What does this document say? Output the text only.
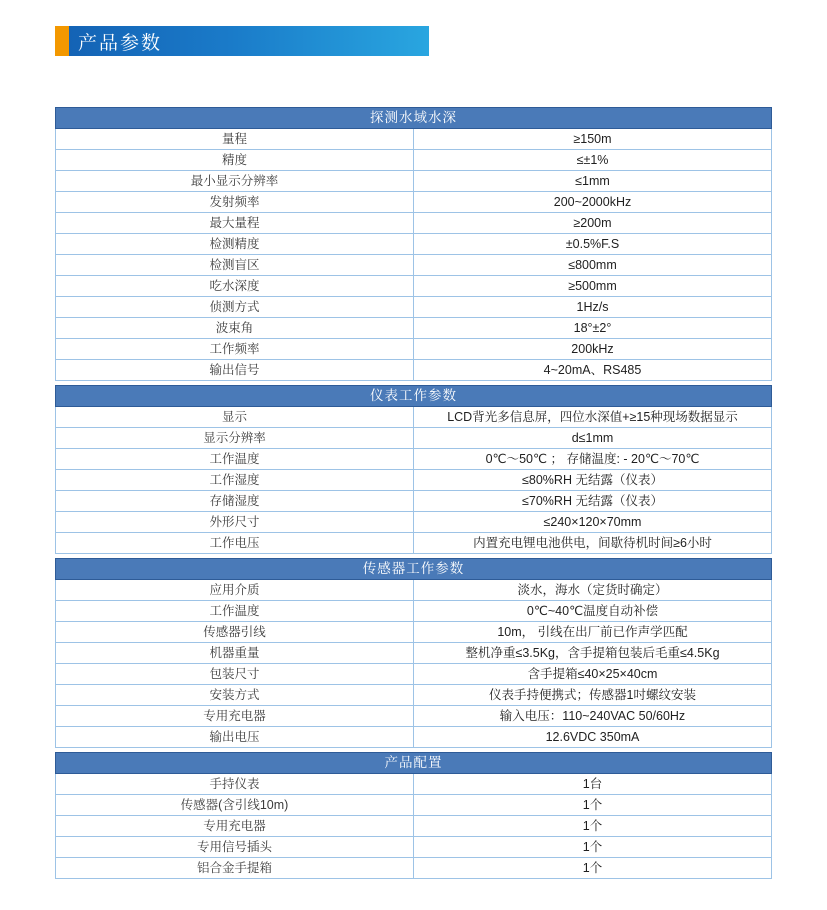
产品参数
探测水域水深	
量程	≥150m
精度	≤±1%
最小显示分辨率	≤1mm
发射频率	200~2000kHz
最大量程	≥200m
检测精度	±0.5%F.S
检测盲区	≤800mm
吃水深度	≥500mm
侦测方式	1Hz/s
波束角	18°±2°
工作频率	200kHz
输出信号	4~20mA、RS485
仪表工作参数	
显示	LCD背光多信息屏，四位水深值+≥15种现场数据显示
显示分辨率	d≤1mm
工作温度	0℃～50℃ ； 存储温度: - 20℃～70℃
工作湿度	≤80%RH 无结露（仪表）
存储湿度	≤70%RH 无结露（仪表）
外形尺寸	≤240×120×70mm
工作电压	内置充电锂电池供电，间歇待机时间≥6小时
传感器工作参数	
应用介质	淡水，海水（定货时确定）
工作温度	0℃~40℃温度自动补偿
传感器引线	10m， 引线在出厂前已作声学匹配
机器重量	整机净重≤3.5Kg，含手提箱包装后毛重≤4.5Kg
包装尺寸	含手提箱≤40×25×40cm
安装方式	仪表手持便携式；传感器1吋螺纹安装
专用充电器	输入电压：110~240VAC 50/60Hz
输出电压	12.6VDC 350mA
产品配置	
手持仪表	1台
传感器(含引线10m)	1个
专用充电器	1个
专用信号插头	1个
铝合金手提箱	1个
